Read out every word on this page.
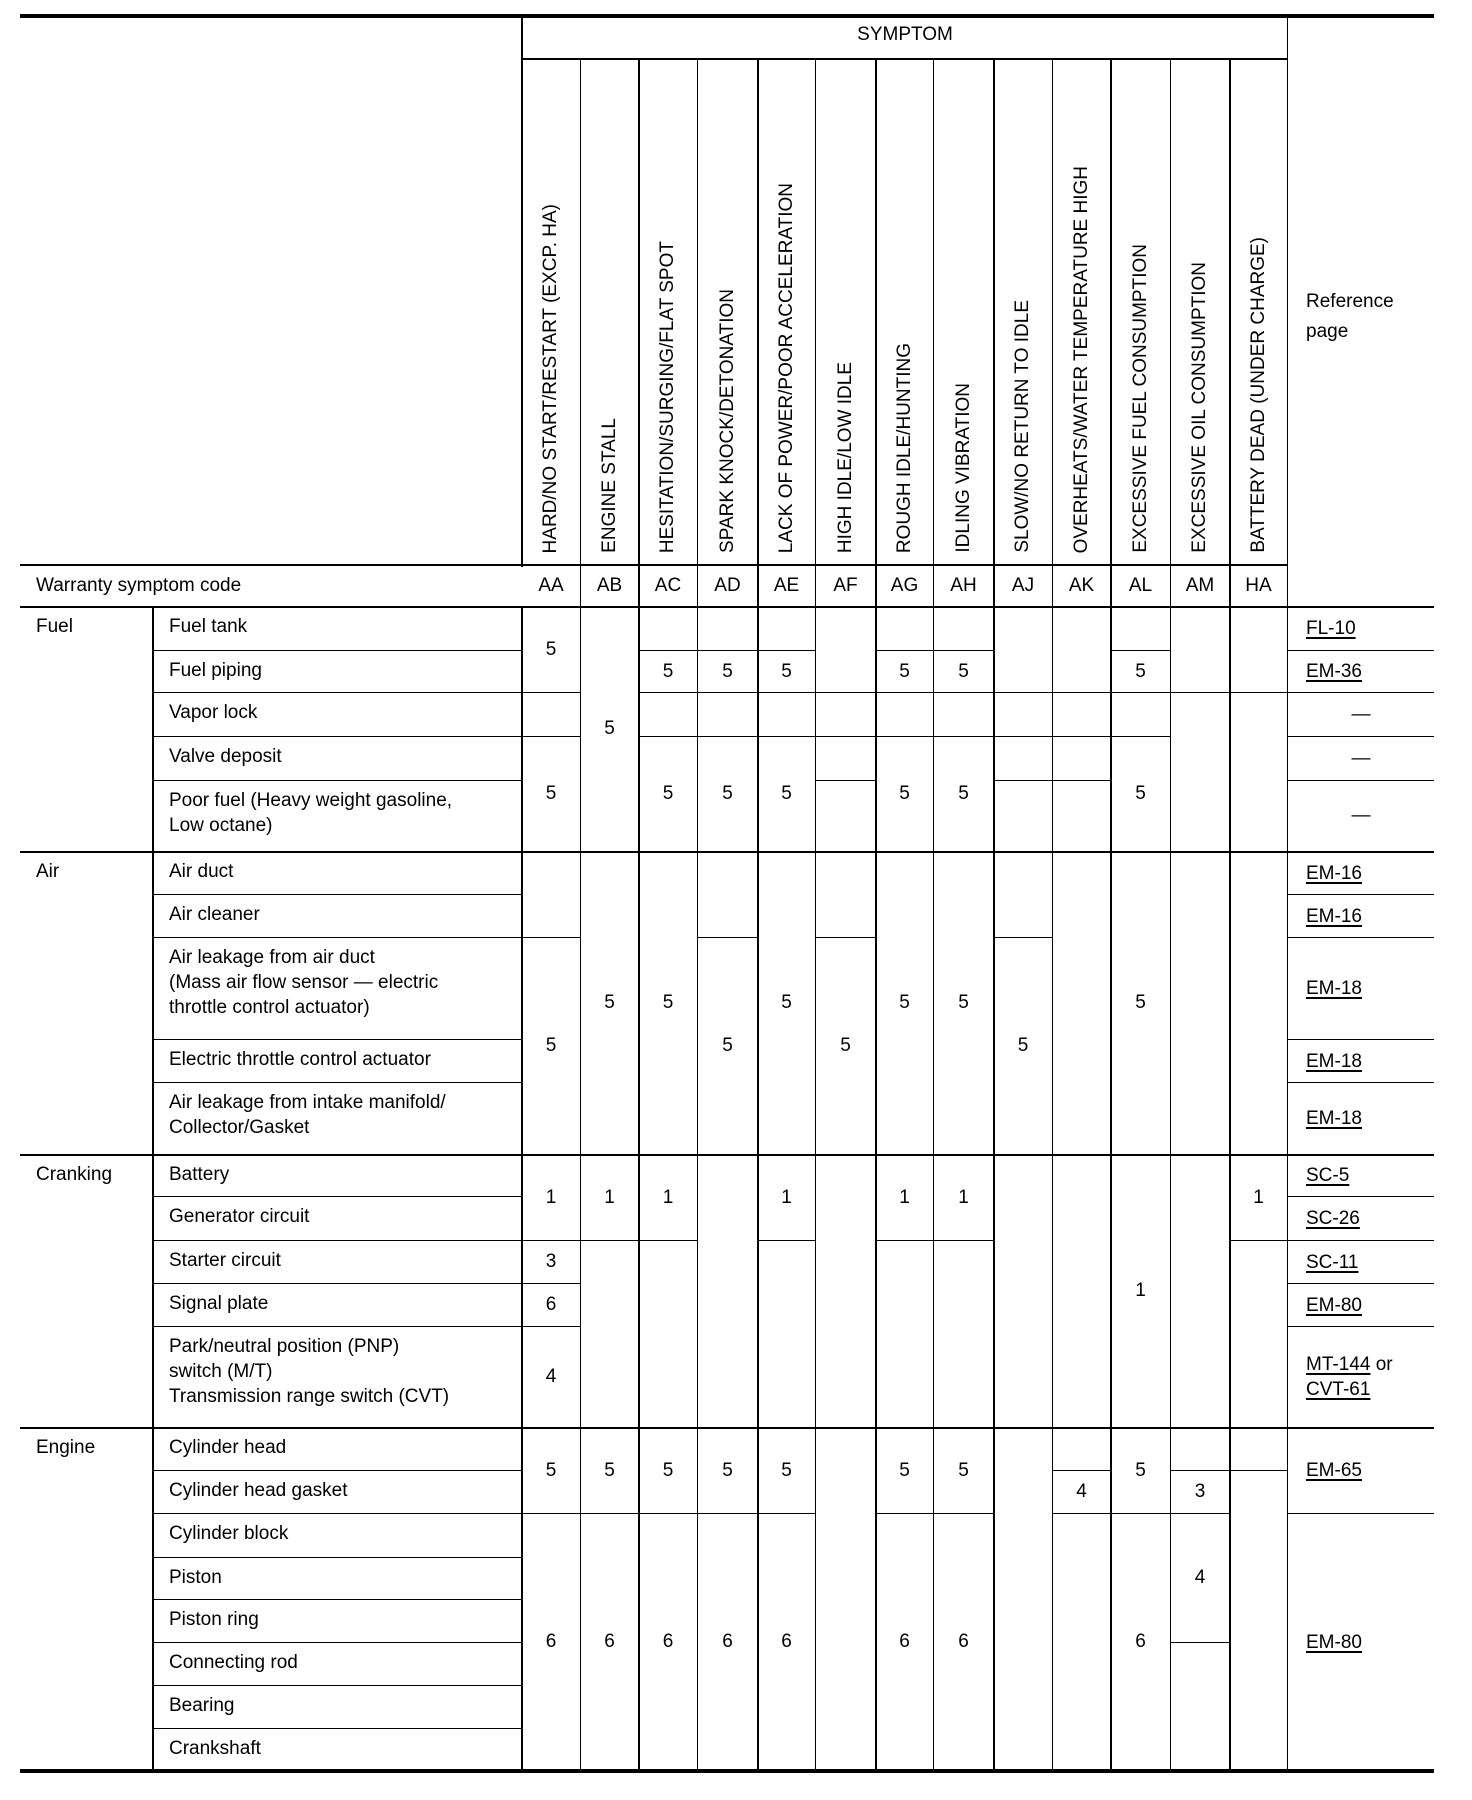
SYMPTOM
Reference
page
Warranty symptom code
HARD/NO START/RESTART (EXCP. HA)
AA
ENGINE STALL
AB
HESITATION/SURGING/FLAT SPOT
AC
SPARK KNOCK/DETONATION
AD
LACK OF POWER/POOR ACCELERATION
AE
HIGH IDLE/LOW IDLE
AF
ROUGH IDLE/HUNTING
AG
IDLING VIBRATION
AH
SLOW/NO RETURN TO IDLE
AJ
OVERHEATS/WATER TEMPERATURE HIGH
AK
EXCESSIVE FUEL CONSUMPTION
AL
EXCESSIVE OIL CONSUMPTION
AM
BATTERY DEAD (UNDER CHARGE)
HA
Fuel
Air
Cranking
Engine
Fuel tank
Fuel piping
Vapor lock
Valve deposit
Poor fuel (Heavy weight gasoline,
Low octane)
Air duct
Air cleaner
Air leakage from air duct
(Mass air flow sensor — electric
throttle control actuator)
Electric throttle control actuator
Air leakage from intake manifold/
Collector/Gasket
Battery
Generator circuit
Starter circuit
Signal plate
Park/neutral position (PNP)
switch (M/T)
Transmission range switch (CVT)
Cylinder head
Cylinder head gasket
Cylinder block
Piston
Piston ring
Connecting rod
Bearing
Crankshaft
5
5
5
1
3
6
4
5
6
5
5
1
5
6
5
5
5
1
5
6
5
5
5
5
6
5
5
5
1
5
6
5
5
5
5
1
5
6
5
5
5
1
5
6
5
4
5
5
5
1
5
6
3
4
1
FL-10
EM-36
—
—
—
EM-16
EM-16
EM-18
EM-18
EM-18
SC-5
SC-26
SC-11
EM-80
MT-144 or
CVT-61
EM-65
EM-80
